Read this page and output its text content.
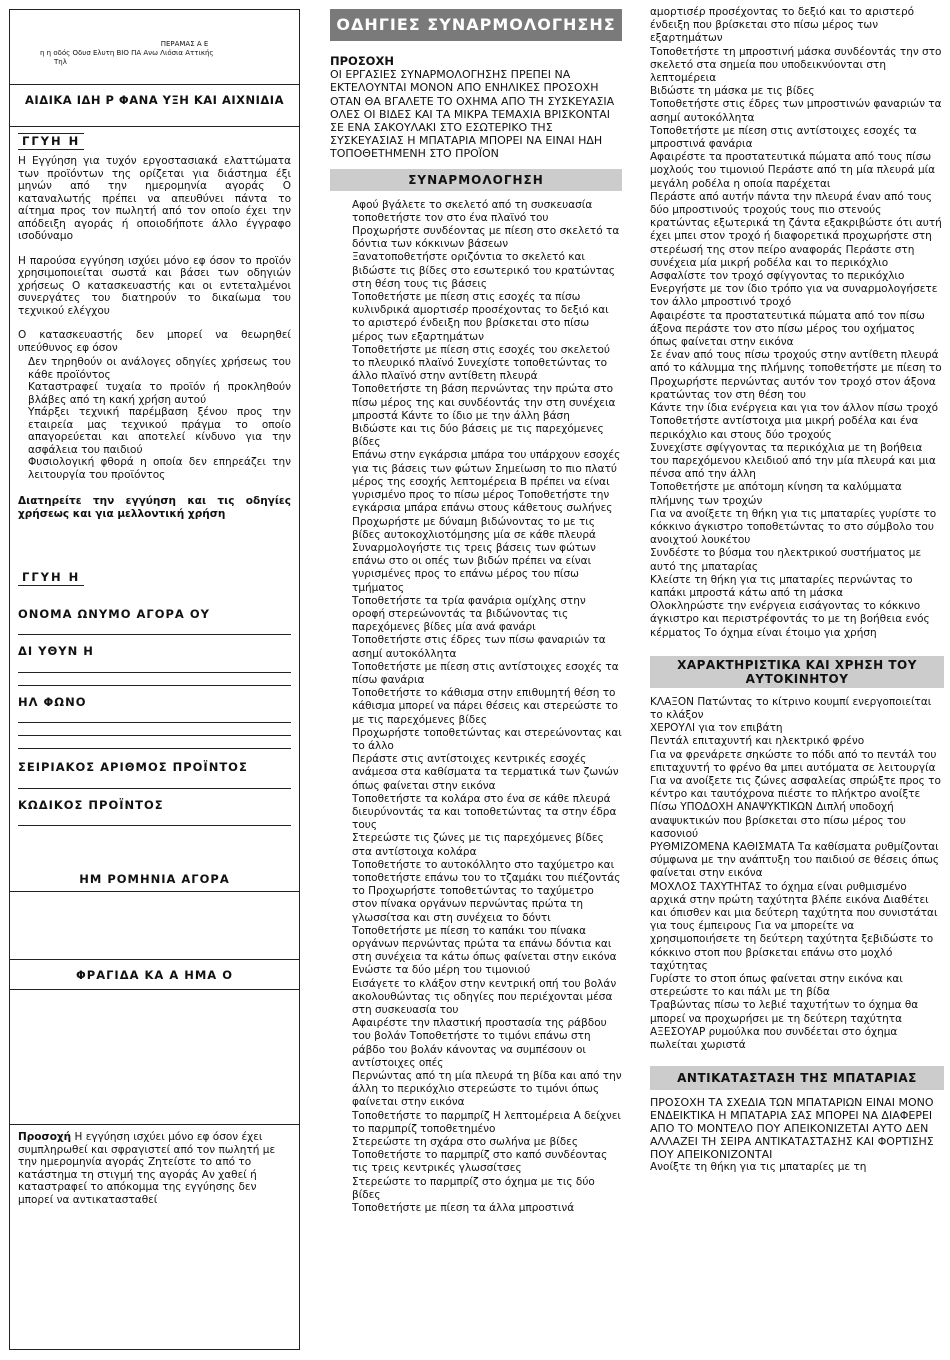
ΠΕΡΑΜΑΣ Α Ε
η η οδός Οδυσ Ελυτη ΒΙΟ ΠΑ Ανω Λιόσια Αττικής
Τηλ
ΑΙΔΙΚΑ ΙΔΗ Ρ ΦΑΝΑ ΥΞΗ ΚΑΙ ΑΙΧΝΙΔΙΑ
ΓΓΥΗ Η

Η Εγγύηση για τυχόν εργοστασιακά ελαττώματα των προϊόντων της ορίζεται για διάστημα έξι μηνών από την ημερομηνία αγοράς Ο καταναλωτής πρέπει να απευθύνει πάντα το αίτημα προς τον πωλητή από τον οποίο έχει την απόδειξη αγοράς ή οποιοδήποτε άλλο έγγραφο ισοδύναμο

Η παρούσα εγγύηση ισχύει μόνο εφ όσον το προϊόν χρησιμοποιείται σωστά και βάσει των οδηγιών χρήσεως Ο κατασκευαστής και οι εντεταλμένοι συνεργάτες του διατηρούν το δικαίωμα του τεχνικού ελέγχου

Ο κατασκευαστής δεν μπορεί να θεωρηθεί υπεύθυνος εφ όσον

Δεν τηρηθούν οι ανάλογες οδηγίες χρήσεως του κάθε προϊόντος

Καταστραφεί τυχαία το προϊόν ή προκληθούν βλάβες από τη κακή χρήση αυτού

Υπάρξει τεχνική παρέμβαση ξένου προς την εταιρεία μας τεχνικού πράγμα το οποίο απαγορεύεται και αποτελεί κίνδυνο για την ασφάλεια του παιδιού

Φυσιολογική φθορά η οποία δεν επηρεάζει την λειτουργία του προϊόντος

Διατηρείτε την εγγύηση και τις οδηγίες χρήσεως και για μελλοντική χρήση

ΓΓΥΗ Η
ΟΝΟΜΑ ΩΝΥΜΟ ΑΓΟΡΑ ΟΥ
ΔΙ ΥΘΥΝ Η
ΗΛ ΦΩΝΟ
ΣΕΙΡΙΑΚΟΣ ΑΡΙΘΜΟΣ ΠΡΟΪΝΤΟΣ
ΚΩΔΙΚΟΣ ΠΡΟΪΝΤΟΣ
ΗΜ ΡΟΜΗΝΙΑ ΑΓΟΡΑ
ΦΡΑΓΙΔΑ ΚΑ Α ΗΜΑ Ο
Προσοχή Η εγγύηση ισχύει μόνο εφ όσον έχει συμπληρωθεί και σφραγιστεί από τον πωλητή με την ημερομηνία αγοράς Ζητείστε το από το κατάστημα τη στιγμή της αγοράς Αν χαθεί ή καταστραφεί το απόκομμα της εγγύησης δεν μπορεί να αντικατασταθεί
ΟΔΗΓΙΕΣ ΣΥΝΑΡΜΟΛΟΓΗΣΗΣ
ΠΡΟΣΟΧΗ
ΟΙ ΕΡΓΑΣΙΕΣ ΣΥΝΑΡΜΟΛΟΓΗΣΗΣ ΠΡΕΠΕΙ ΝΑ ΕΚΤΕΛΟΥΝΤΑΙ ΜΟΝΟΝ ΑΠΟ ΕΝΗΛΙΚΕΣ ΠΡΟΣΟΧΗ ΟΤΑΝ ΘΑ ΒΓΑΛΕΤΕ ΤΟ ΟΧΗΜΑ ΑΠΟ ΤΗ ΣΥΣΚΕΥΑΣΙΑ ΟΛΕΣ ΟΙ ΒΙΔΕΣ ΚΑΙ ΤΑ ΜΙΚΡΑ ΤΕΜΑΧΙΑ ΒΡΙΣΚΟΝΤΑΙ ΣΕ ΕΝΑ ΣΑΚΟΥΛΑΚΙ ΣΤΟ ΕΣΩΤΕΡΙΚΟ ΤΗΣ ΣΥΣΚΕΥΑΣΙΑΣ Η ΜΠΑΤΑΡΙΑ ΜΠΟΡΕΙ ΝΑ ΕΙΝΑΙ ΗΔΗ ΤΟΠΟΘΕΤΗΜΕΝΗ ΣΤΟ ΠΡΟΪΟΝ
ΣΥΝΑΡΜΟΛΟΓΗΣΗ
Αφού βγάλετε το σκελετό από τη συσκευασία τοποθετήστε τον στο ένα πλαϊνό του
Προχωρήστε συνδέοντας με πίεση στο σκελετό τα δόντια των κόκκινων βάσεων
Ξανατοποθετήστε οριζόντια το σκελετό και βιδώστε τις βίδες στο εσωτερικό του κρατώντας στη θέση τους τις βάσεις
Τοποθετήστε με πίεση στις εσοχές τα πίσω κυλινδρικά αμορτισέρ προσέχοντας το δεξιό και το αριστερό ένδειξη που βρίσκεται στο πίσω μέρος των εξαρτημάτων
Τοποθετήστε με πίεση στις εσοχές του σκελετού το πλευρικό πλαϊνό Συνεχίστε τοποθετώντας το άλλο πλαϊνό στην αντίθετη πλευρά
Τοποθετήστε τη βάση περνώντας την πρώτα στο πίσω μέρος της και συνδέοντάς την στη συνέχεια μπροστά Κάντε το ίδιο με την άλλη βάση
Βιδώστε και τις δύο βάσεις με τις παρεχόμενες βίδες
Επάνω στην εγκάρσια μπάρα του υπάρχουν εσοχές για τις βάσεις των φώτων Σημείωση το πιο πλατύ μέρος της εσοχής λεπτομέρεια Β πρέπει να είναι γυρισμένο προς το πίσω μέρος Τοποθετήστε την εγκάρσια μπάρα επάνω στους κάθετους σωλήνες
Προχωρήστε με δύναμη βιδώνοντας το με τις βίδες αυτοκοχλιοτόμησης μία σε κάθε πλευρά
Συναρμολογήστε τις τρεις βάσεις των φώτων επάνω στο οι οπές των βιδών πρέπει να είναι γυρισμένες προς το επάνω μέρος του πίσω τμήματος
Τοποθετήστε τα τρία φανάρια ομίχλης στην οροφή στερεώνοντάς τα βιδώνοντας τις παρεχόμενες βίδες μία ανά φανάρι
Τοποθετήστε στις έδρες των πίσω φαναριών τα ασημί αυτοκόλλητα
Τοποθετήστε με πίεση στις αντίστοιχες εσοχές τα πίσω φανάρια
Τοποθετήστε το κάθισμα στην επιθυμητή θέση το κάθισμα μπορεί να πάρει θέσεις και στερεώστε το με τις παρεχόμενες βίδες
Προχωρήστε τοποθετώντας και στερεώνοντας και το άλλο
Περάστε στις αντίστοιχες κεντρικές εσοχές ανάμεσα στα καθίσματα τα τερματικά των ζωνών όπως φαίνεται στην εικόνα
Τοποθετήστε τα κολάρα στο ένα σε κάθε πλευρά διευρύνοντάς τα και τοποθετώντας τα στην έδρα τους
Στερεώστε τις ζώνες με τις παρεχόμενες βίδες στα αντίστοιχα κολάρα
Τοποθετήστε το αυτοκόλλητο στο ταχύμετρο και τοποθετήστε επάνω του το τζαμάκι του πιέζοντάς το Προχωρήστε τοποθετώντας το ταχύμετρο στον πίνακα οργάνων περνώντας πρώτα τη γλωσσίτσα και στη συνέχεια το δόντι
Τοποθετήστε με πίεση το καπάκι του πίνακα οργάνων περνώντας πρώτα τα επάνω δόντια και στη συνέχεια τα κάτω όπως φαίνεται στην εικόνα
Ενώστε τα δύο μέρη του τιμονιού
Εισάγετε το κλάξον στην κεντρική οπή του βολάν ακολουθώντας τις οδηγίες που περιέχονται μέσα στη συσκευασία του
Αφαιρέστε την πλαστική προστασία της ράβδου του βολάν Τοποθετήστε το τιμόνι επάνω στη ράβδο του βολάν κάνοντας να συμπέσουν οι αντίστοιχες οπές
Περνώντας από τη μία πλευρά τη βίδα και από την άλλη το περικόχλιο στερεώστε το τιμόνι όπως φαίνεται στην εικόνα
Τοποθετήστε το παρμπρίζ Η λεπτομέρεια Α δείχνει το παρμπρίζ τοποθετημένο
Στερεώστε τη σχάρα στο σωλήνα με βίδες
Τοποθετήστε το παρμπρίζ στο καπό συνδέοντας τις τρεις κεντρικές γλωσσίτσες
Στερεώστε το παρμπρίζ στο όχημα με τις δύο βίδες
Τοποθετήστε με πίεση τα άλλα μπροστινά
αμορτισέρ προσέχοντας το δεξιό και το αριστερό ένδειξη που βρίσκεται στο πίσω μέρος των εξαρτημάτων
Τοποθετήστε τη μπροστινή μάσκα συνδέοντάς την στο σκελετό στα σημεία που υποδεικνύονται στη λεπτομέρεια
Βιδώστε τη μάσκα με τις βίδες
Τοποθετήστε στις έδρες των μπροστινών φαναριών τα ασημί αυτοκόλλητα
Τοποθετήστε με πίεση στις αντίστοιχες εσοχές τα μπροστινά φανάρια
Αφαιρέστε τα προστατευτικά πώματα από τους πίσω μοχλούς του τιμονιού Περάστε από τη μία πλευρά μία μεγάλη ροδέλα η οποία παρέχεται
Περάστε από αυτήν πάντα την πλευρά έναν από τους δύο μπροστινούς τροχούς τους πιο στενούς κρατώντας εξωτερικά τη ζάντα εξακριβώστε ότι αυτή έχει μπει στον τροχό ή διαφορετικά προχωρήστε στη στερέωσή της στον πείρο αναφοράς Περάστε στη συνέχεια μία μικρή ροδέλα και το περικόχλιο Ασφαλίστε τον τροχό σφίγγοντας το περικόχλιο Ενεργήστε με τον ίδιο τρόπο για να συναρμολογήσετε τον άλλο μπροστινό τροχό
Αφαιρέστε τα προστατευτικά πώματα από τον πίσω άξονα περάστε τον στο πίσω μέρος του οχήματος όπως φαίνεται στην εικόνα
Σε έναν από τους πίσω τροχούς στην αντίθετη πλευρά από το κάλυμμα της πλήμνης τοποθετήστε με πίεση το
Προχωρήστε περνώντας αυτόν τον τροχό στον άξονα κρατώντας τον στη θέση του
Κάντε την ίδια ενέργεια και για τον άλλον πίσω τροχό
Τοποθετήστε αντίστοιχα μια μικρή ροδέλα και ένα περικόχλιο και στους δύο τροχούς
Συνεχίστε σφίγγοντας τα περικόχλια με τη βοήθεια του παρεχόμενου κλειδιού από την μία πλευρά και μια πένσα από την άλλη
Τοποθετήστε με απότομη κίνηση τα καλύμματα πλήμνης των τροχών
Για να ανοίξετε τη θήκη για τις μπαταρίες γυρίστε το κόκκινο άγκιστρο τοποθετώντας το στο σύμβολο του ανοιχτού λουκέτου
Συνδέστε το βύσμα του ηλεκτρικού συστήματος με αυτό της μπαταρίας
Κλείστε τη θήκη για τις μπαταρίες περνώντας το καπάκι μπροστά κάτω από τη μάσκα
Ολοκληρώστε την ενέργεια εισάγοντας το κόκκινο άγκιστρο και περιστρέφοντάς το με τη βοήθεια ενός κέρματος Το όχημα είναι έτοιμο για χρήση
ΧΑΡΑΚΤΗΡΙΣΤΙΚΑ ΚΑΙ ΧΡΗΣΗ ΤΟΥ ΑΥΤΟΚΙΝΗΤΟΥ
ΚΛΑΞΟΝ Πατώντας το κίτρινο κουμπί ενεργοποιείται το κλάξον
ΧΕΡΟΥΛΙ για τον επιβάτη
Πεντάλ επιταχυντή και ηλεκτρικό φρένο
Για να φρενάρετε σηκώστε το πόδι από το πεντάλ του επιταχυντή το φρένο θα μπει αυτόματα σε λειτουργία
Για να ανοίξετε τις ζώνες ασφαλείας σπρώξτε προς το κέντρο και ταυτόχρονα πιέστε το πλήκτρο ανοίξτε
Πίσω ΥΠΟΔΟΧΗ ΑΝΑΨΥΚΤΙΚΩΝ Διπλή υποδοχή αναψυκτικών που βρίσκεται στο πίσω μέρος του κασονιού
ΡΥΘΜΙΖΟΜΕΝΑ ΚΑΘΙΣΜΑΤΑ Τα καθίσματα ρυθμίζονται σύμφωνα με την ανάπτυξη του παιδιού σε θέσεις όπως φαίνεται στην εικόνα
ΜΟΧΛΟΣ ΤΑΧΥΤΗΤΑΣ το όχημα είναι ρυθμισμένο αρχικά στην πρώτη ταχύτητα βλέπε εικόνα Διαθέτει και όπισθεν και μια δεύτερη ταχύτητα που συνιστάται για τους έμπειρους Για να μπορείτε να χρησιμοποιήσετε τη δεύτερη ταχύτητα ξεβιδώστε το κόκκινο στοπ που βρίσκεται επάνω στο μοχλό ταχύτητας
Γυρίστε το στοπ όπως φαίνεται στην εικόνα και στερεώστε το και πάλι με τη βίδα
Τραβώντας πίσω το λεβιέ ταχυτήτων το όχημα θα μπορεί να προχωρήσει με τη δεύτερη ταχύτητα
ΑΞΕΣΟΥΑΡ ρυμούλκα που συνδέεται στο όχημα πωλείται χωριστά
ΑΝΤΙΚΑΤΑΣΤΑΣΗ ΤΗΣ ΜΠΑΤΑΡΙΑΣ
ΠΡΟΣΟΧΗ ΤΑ ΣΧΕΔΙΑ ΤΩΝ ΜΠΑΤΑΡΙΩΝ ΕΙΝΑΙ ΜΟΝΟ ΕΝΔΕΙΚΤΙΚΑ Η ΜΠΑΤΑΡΙΑ ΣΑΣ ΜΠΟΡΕΙ ΝΑ ΔΙΑΦΕΡΕΙ ΑΠΟ ΤΟ ΜΟΝΤΕΛΟ ΠΟΥ ΑΠΕΙΚΟΝΙΖΕΤΑΙ ΑΥΤΟ ΔΕΝ ΑΛΛΑΖΕΙ ΤΗ ΣΕΙΡΑ ΑΝΤΙΚΑΤΑΣΤΑΣΗΣ ΚΑΙ ΦΟΡΤΙΣΗΣ ΠΟΥ ΑΠΕΙΚΟΝΙΖΟΝΤΑΙ
Ανοίξτε τη θήκη για τις μπαταρίες με τη
